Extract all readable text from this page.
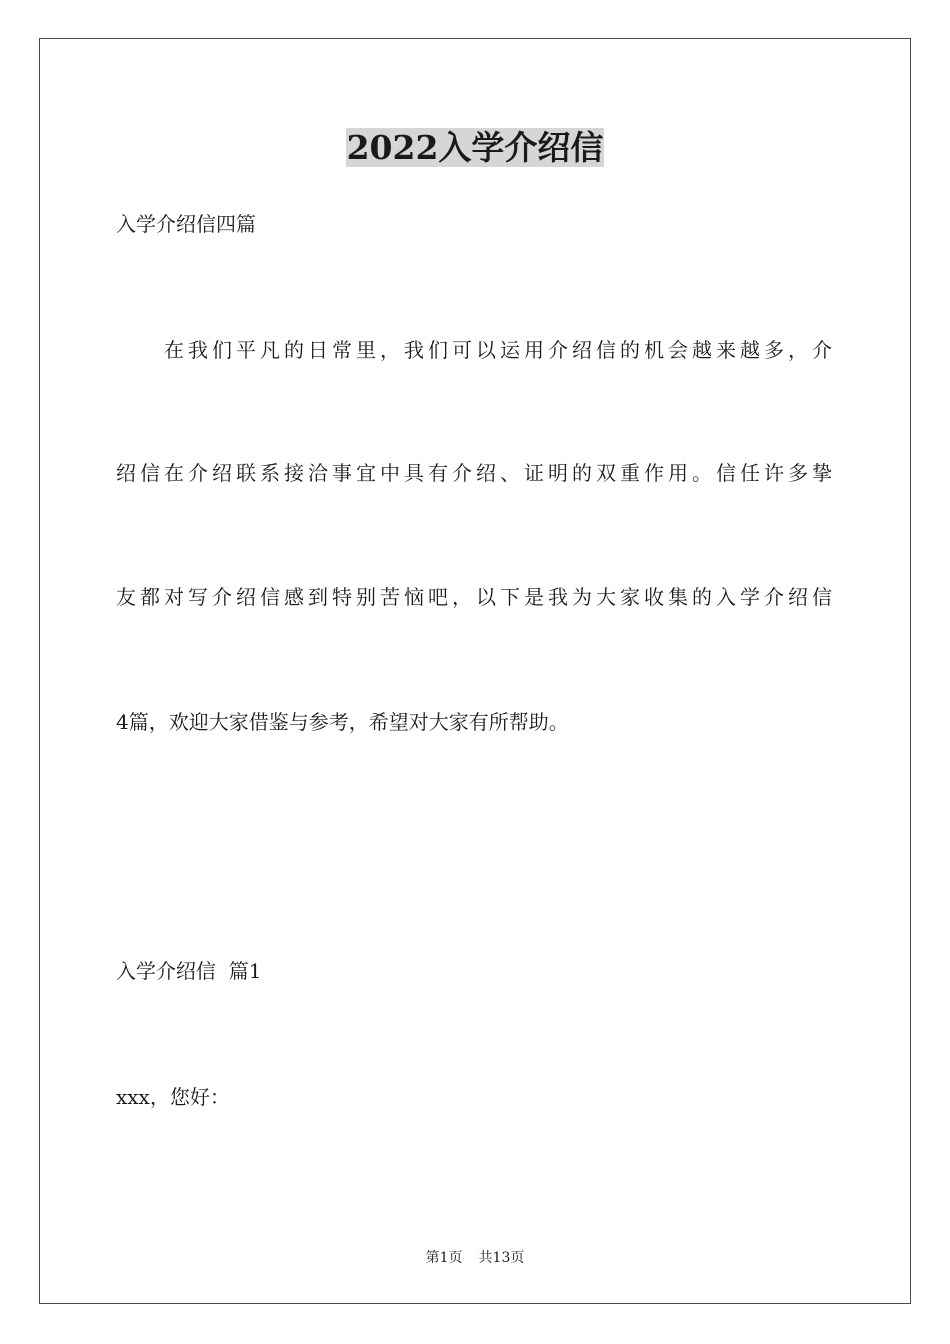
2022入学介绍信
入学介绍信四篇
在我们平凡的日常里，我们可以运用介绍信的机会越来越多，介
绍信在介绍联系接洽事宜中具有介绍、证明的双重作用。信任许多挚
友都对写介绍信感到特别苦恼吧，以下是我为大家收集的入学介绍信
4篇，欢迎大家借鉴与参考，希望对大家有所帮助。
入学介绍信  篇1
xxx，您好：
第1页 共13页
